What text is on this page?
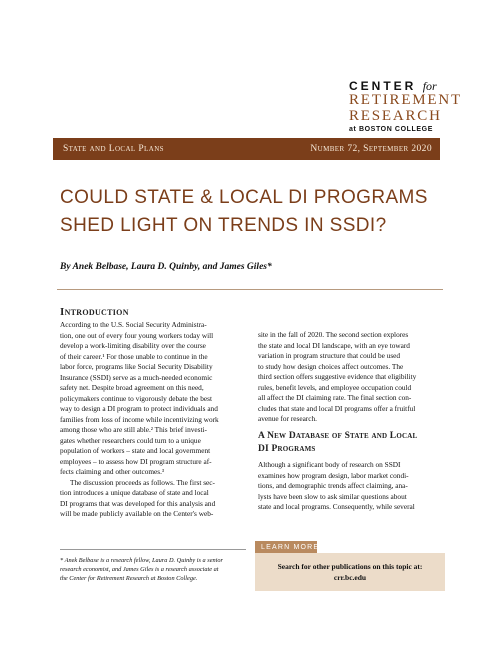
CENTER for
RETIREMENT
RESEARCH
at BOSTON COLLEGE
State and Local Plans	Number 72, September 2020
COULD STATE & LOCAL DI PROGRAMS
SHED LIGHT ON TRENDS IN SSDI?
By Anek Belbase, Laura D. Quinby, and James Giles*
Introduction

According to the U.S. Social Security Administra-
tion, one out of every four young workers today will
develop a work-limiting disability over the course
of their career.¹ For those unable to continue in the
labor force, programs like Social Security Disability
Insurance (SSDI) serve as a much-needed economic
safety net. Despite broad agreement on this need,
policymakers continue to vigorously debate the best
way to design a DI program to protect individuals and
families from loss of income while incentivizing work
among those who are still able.² This brief investi-
gates whether researchers could turn to a unique
population of workers – state and local government
employees – to assess how DI program structure af-
fects claiming and other outcomes.³

The discussion proceeds as follows. The first sec-
tion introduces a unique database of state and local
DI programs that was developed for this analysis and
will be made publicly available on the Center's web-

site in the fall of 2020. The second section explores
the state and local DI landscape, with an eye toward
variation in program structure that could be used
to study how design choices affect outcomes. The
third section offers suggestive evidence that eligibility
rules, benefit levels, and employee occupation could
all affect the DI claiming rate. The final section con-
cludes that state and local DI programs offer a fruitful
avenue for research.

A New Database of State and Local
DI Programs

Although a significant body of research on SSDI
examines how program design, labor market condi-
tions, and demographic trends affect claiming, ana-
lysts have been slow to ask similar questions about
state and local programs. Consequently, while several

* Anek Belbase is a research fellow, Laura D. Quinby is a senior
research economist, and James Giles is a research associate at
the Center for Retirement Research at Boston College.
LEARN MORE
Search for other publications on this topic at:
crr.bc.edu
